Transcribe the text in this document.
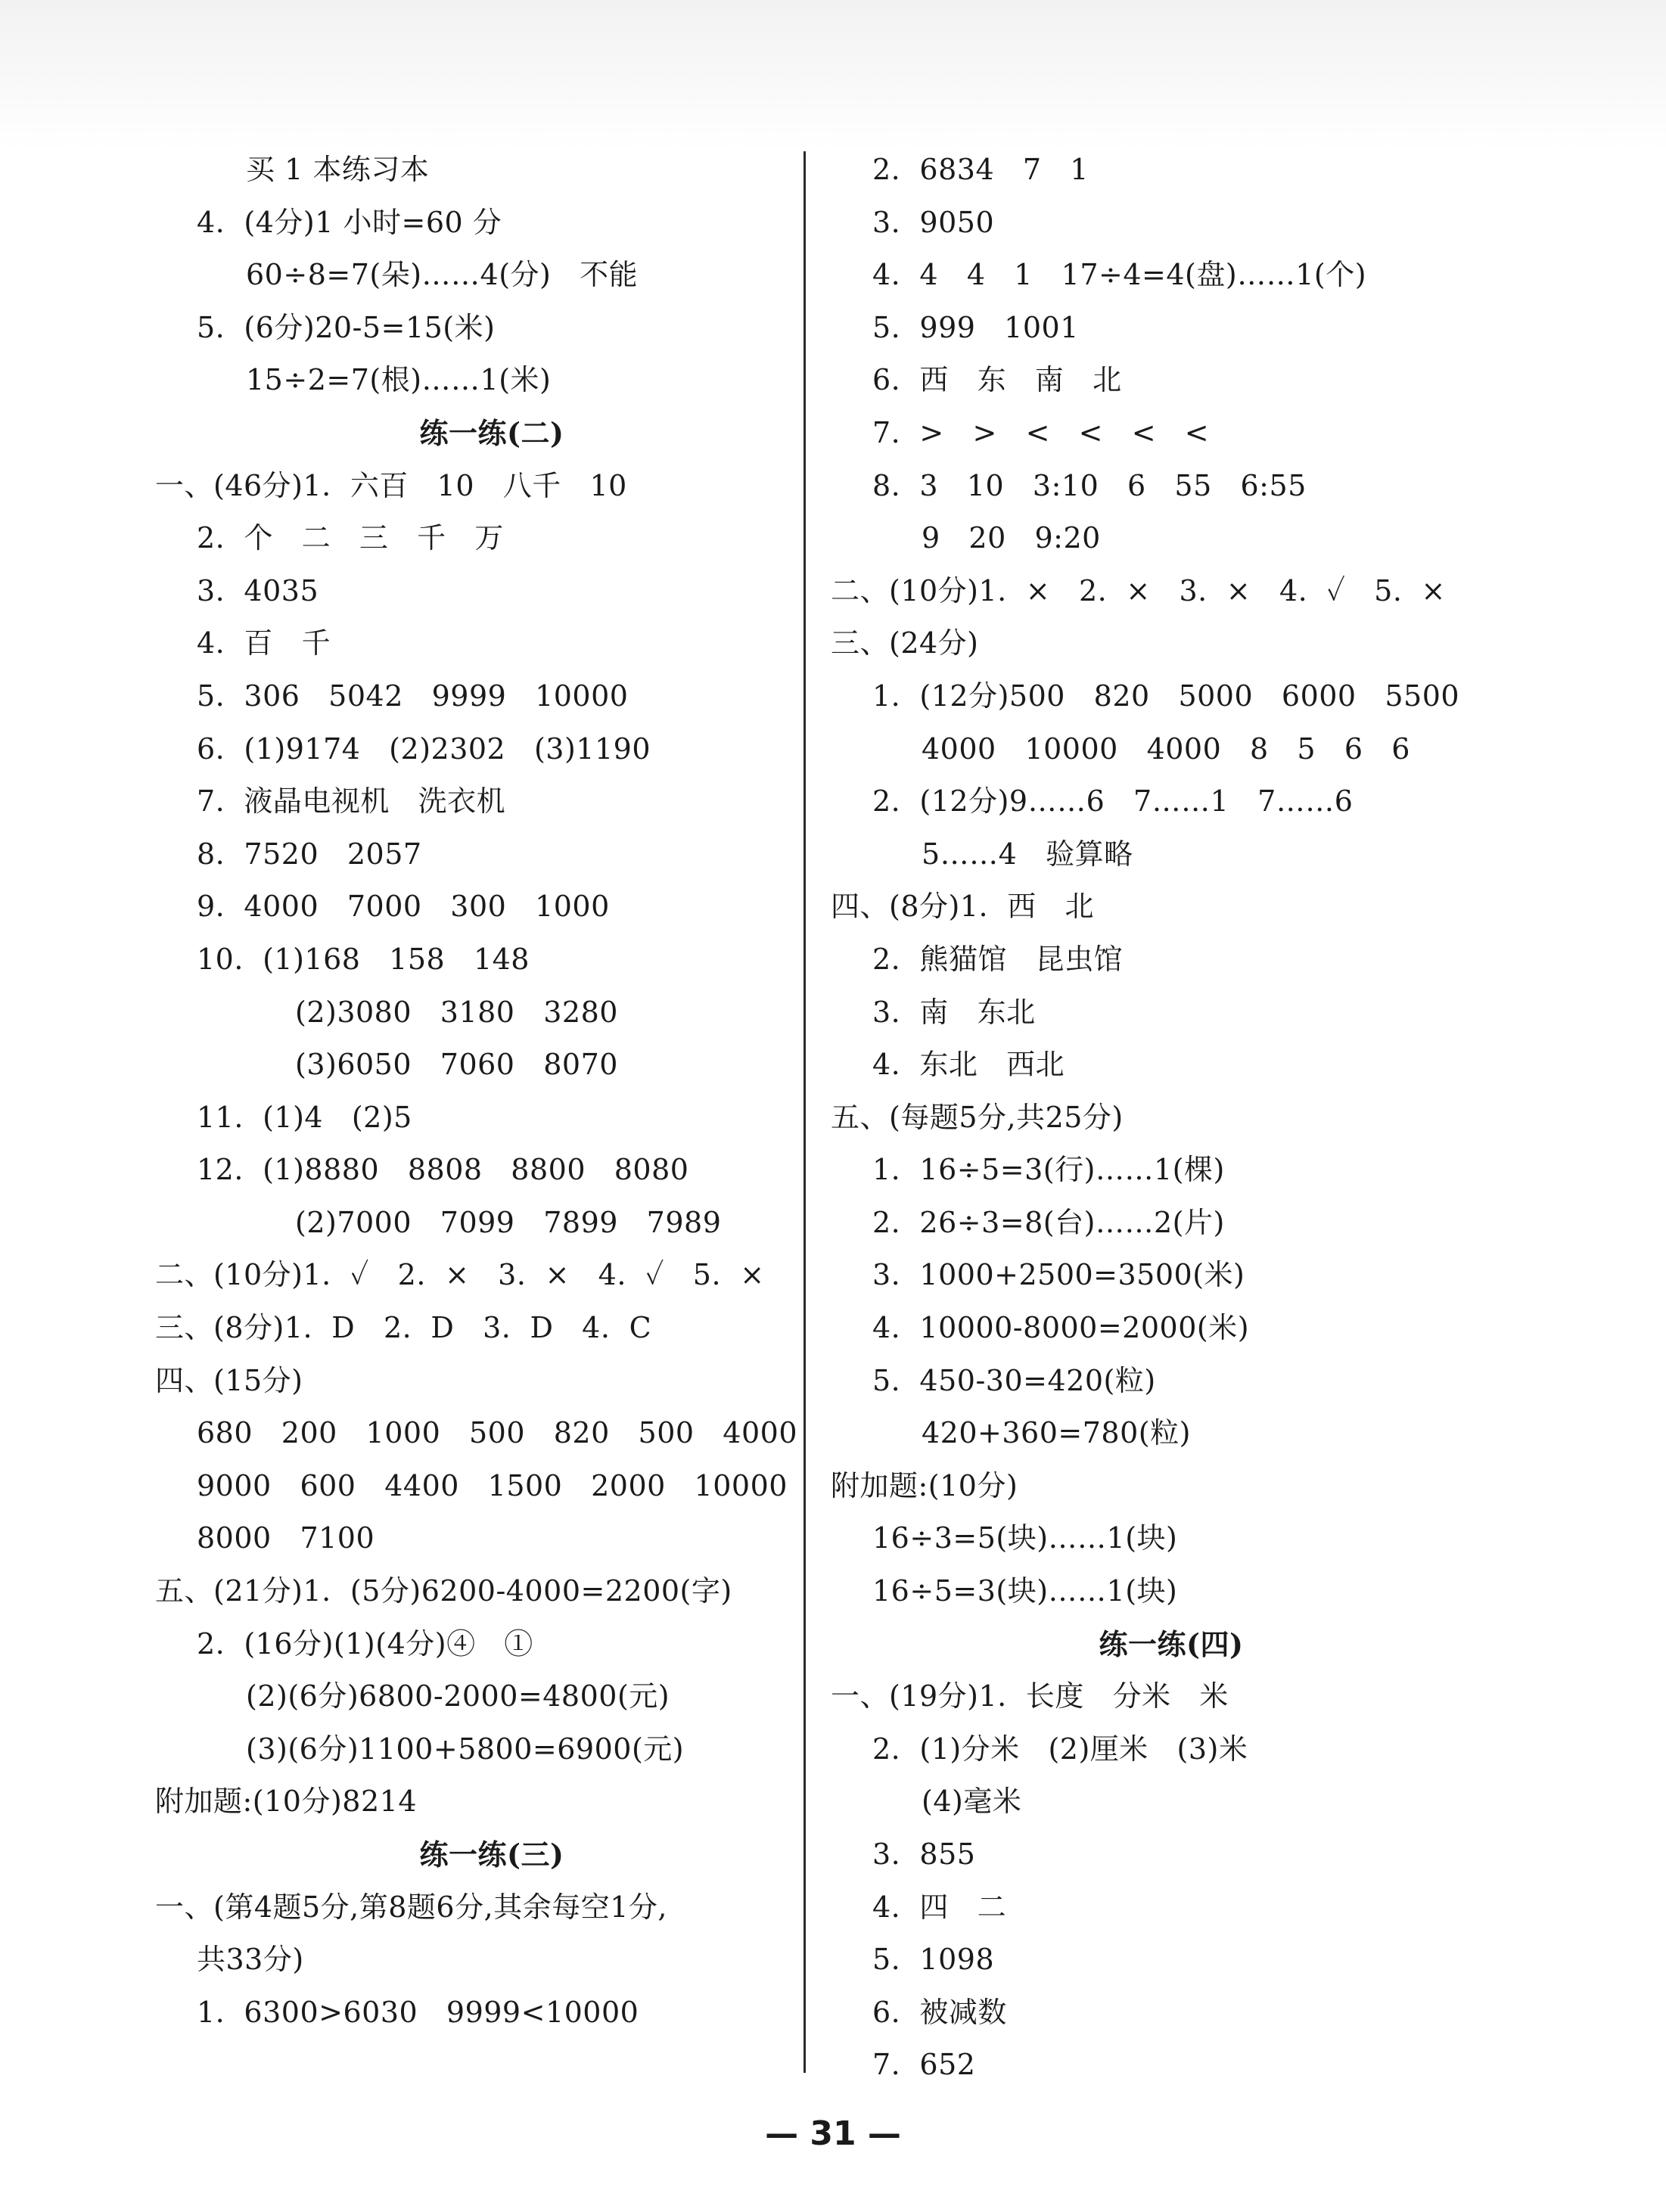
买 1 本练习本
4.  (4分)1 小时=60 分
60÷8=7(朵)……4(分)   不能
5.  (6分)20-5=15(米)
15÷2=7(根)……1(米)
练一练(二)
一、(46分)1.  六百   10   八千   10
2.  个   二   三   千   万
3.  4035
4.  百   千
5.  306   5042   9999   10000
6.  (1)9174   (2)2302   (3)1190
7.  液晶电视机   洗衣机
8.  7520   2057
9.  4000   7000   300   1000
10.  (1)168   158   148
(2)3080   3180   3280
(3)6050   7060   8070
11.  (1)4   (2)5
12.  (1)8880   8808   8800   8080
(2)7000   7099   7899   7989
二、(10分)1.  ✓   2.  ×   3.  ×   4.  ✓   5.  ×
三、(8分)1.  D   2.  D   3.  D   4.  C
四、(15分)
680   200   1000   500   820   500   4000
9000   600   4400   1500   2000   10000
8000   7100
五、(21分)1.  (5分)6200-4000=2200(字)
2.  (16分)(1)(4分)④   ①
(2)(6分)6800-2000=4800(元)
(3)(6分)1100+5800=6900(元)
附加题:(10分)8214
练一练(三)
一、(第4题5分,第8题6分,其余每空1分,
共33分)
1.  6300>6030   9999<10000
2.  6834   7   1
3.  9050
4.  4   4   1   17÷4=4(盘)……1(个)
5.  999   1001
6.  西   东   南   北
7.  >   >   <   <   <   <
8.  3   10   3:10   6   55   6:55
9   20   9:20
二、(10分)1.  ×   2.  ×   3.  ×   4.  ✓   5.  ×
三、(24分)
1.  (12分)500   820   5000   6000   5500
4000   10000   4000   8   5   6   6
2.  (12分)9……6   7……1   7……6
5……4   验算略
四、(8分)1.  西   北
2.  熊猫馆   昆虫馆
3.  南   东北
4.  东北   西北
五、(每题5分,共25分)
1.  16÷5=3(行)……1(棵)
2.  26÷3=8(台)……2(片)
3.  1000+2500=3500(米)
4.  10000-8000=2000(米)
5.  450-30=420(粒)
420+360=780(粒)
附加题:(10分)
16÷3=5(块)……1(块)
16÷5=3(块)……1(块)
练一练(四)
一、(19分)1.  长度   分米   米
2.  (1)分米   (2)厘米   (3)米
(4)毫米
3.  855
4.  四   二
5.  1098
6.  被减数
7.  652
— 31 —
